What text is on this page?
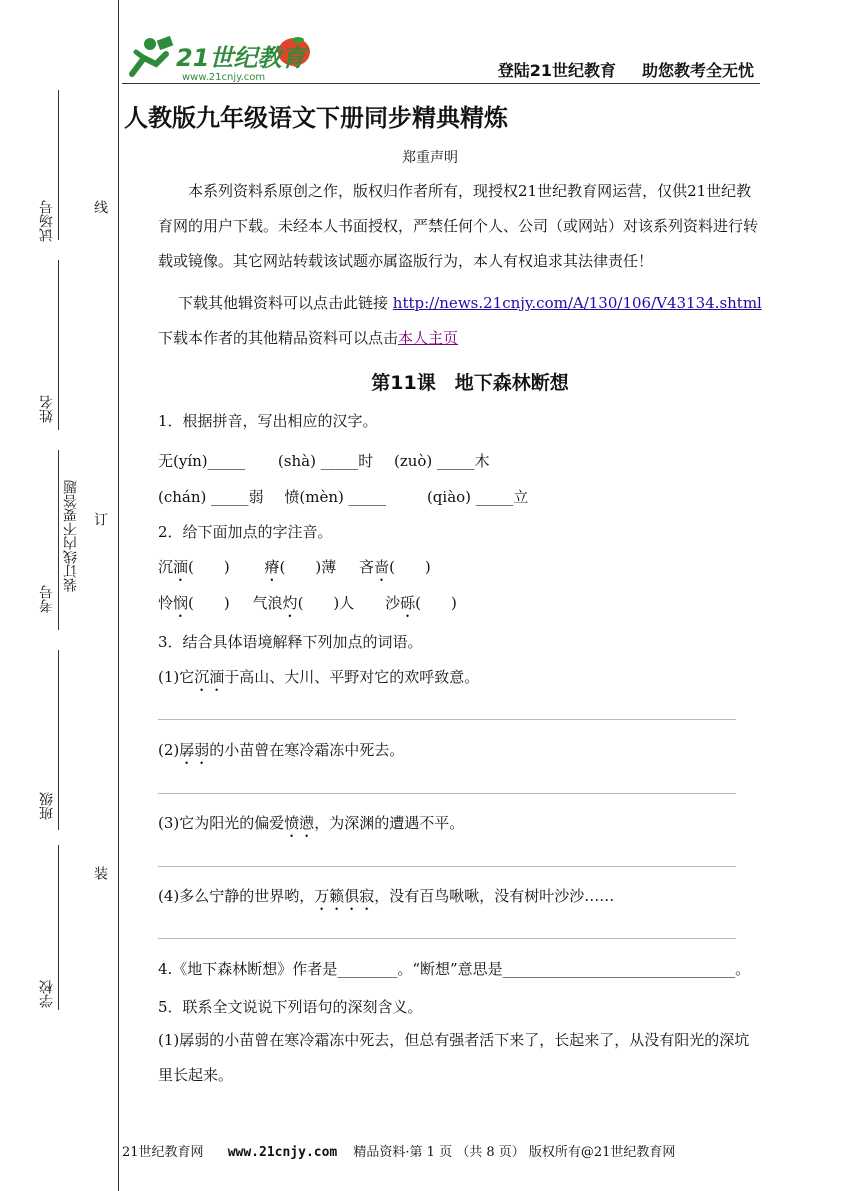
试场号	线
姓名
装订线内不要答题 订
考号
班级
装
学校
21世纪教育
www.21cnjy.com	登陆21世纪教育 助您教考全无忧
人教版九年级语文下册同步精典精炼
郑重声明
本系列资料系原创之作，版权归作者所有，现授权21世纪教育网运营，仅供21世纪教育网的用户下载。未经本人书面授权，严禁任何个人、公司（或网站）对该系列资料进行转载或镜像。其它网站转载该试题亦属盗版行为，本人有权追求其法律责任！
下载其他辑资料可以点击此链接 http://news.21cnjy.com/A/130/106/V43134.shtml
下载本作者的其他精品资料可以点击本人主页
第11课　地下森林断想
1．根据拼音，写出相应的汉字。
无(yín)_____ (shà) _____时 (zuò) _____木
(chán) _____弱 愤(mèn) _____	(qiào) _____立
2．给下面加点的字注音。
沉湎(　　) 瘠(　　)薄 吝啬(　　)
怜悯(　　) 气浪灼(　　)人 沙砾(　　)
3．结合具体语境解释下列加点的词语。
(1)它沉湎于高山、大川、平野对它的欢呼致意。
(2)孱弱的小苗曾在寒冷霜冻中死去。
(3)它为阳光的偏爱愤懑，为深渊的遭遇不平。
(4)多么宁静的世界哟，万籁俱寂，没有百鸟啾啾，没有树叶沙沙……
4.《地下森林断想》作者是________。“断想”意思是_______________________________。
5．联系全文说说下列语句的深刻含义。
(1)孱弱的小苗曾在寒冷霜冻中死去，但总有强者活下来了，长起来了，从没有阳光的深坑里长起来。
21世纪教育网 www.21cnjy.com 精品资料·第 1 页 （共 8 页） 版权所有@21世纪教育网
